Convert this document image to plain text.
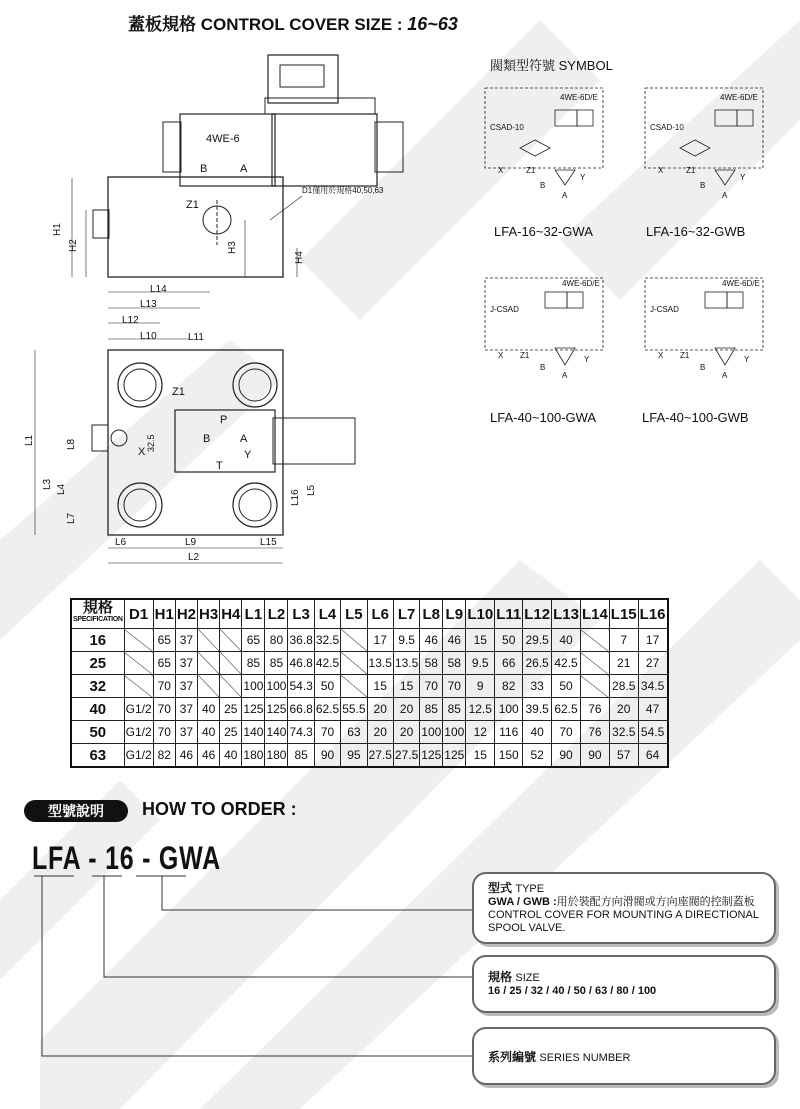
蓋板規格 CONTROL COVER SIZE : 16~63
4WE-6
B	A
Z1
D1僅用於規格40,50,63
H1
H2	H3
H4
L14
L13
L12
L10	L11
Z1
P
B	A
T
Y
X 32.5
L1	L8
L3 L4
L7
L16 L5
L6	L9	L15
L2
閥類型符號 SYMBOL
4WE-6D/E
CSAD-10
X	Z1
Y
B
A
4WE-6D/E
CSAD-10
X	Z1
Y
B
A
4WE-6D/E
J-CSAD
X Z1	Y
B
A
4WE-6D/E
J-CSAD
X Z1	Y
B
A
LFA-16~32-GWA	LFA-16~32-GWB
LFA-40~100-GWA	LFA-40~100-GWB
規格
SPECIFICATION	D1	H1	H2	H3	H4	L1	L2	L3	L4	L5	L6	L7	L8	L9	L10	L11	L12	L13	L14	L15	L16
16		65	37			65	80	36.8	32.5		17	9.5	46	46	15	50	29.5	40		7	17
25		65	37			85	85	46.8	42.5		13.5	13.5	58	58	9.5	66	26.5	42.5		21	27
32		70	37			100	100	54.3	50		15	15	70	70	9	82	33	50		28.5	34.5
40	G1/2	70	37	40	25	125	125	66.8	62.5	55.5	20	20	85	85	12.5	100	39.5	62.5	76	20	47
50	G1/2	70	37	40	25	140	140	74.3	70	63	20	20	100	100	12	116	40	70	76	32.5	54.5
63	G1/2	82	46	46	40	180	180	85	90	95	27.5	27.5	125	125	15	150	52	90	90	57	64
型號說明	HOW TO ORDER :
LFA - 16 - GWA
型式 TYPE
GWA / GWB :用於裝配方向滑閥或方向座閥的控制蓋板
CONTROL COVER FOR MOUNTING A DIRECTIONAL SPOOL VALVE.
規格 SIZE
16 / 25 / 32 / 40 / 50 / 63 / 80 / 100
系列編號 SERIES NUMBER
